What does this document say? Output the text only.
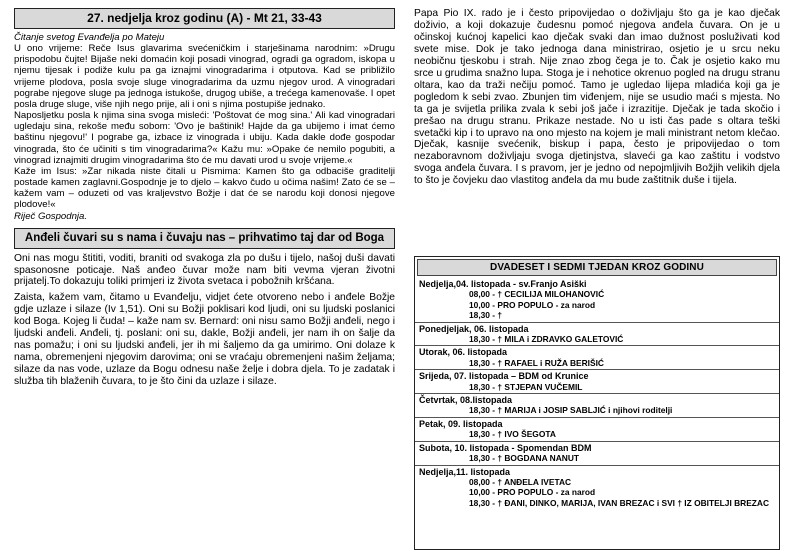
27. nedjelja kroz godinu (A) - Mt 21, 33-43

Čitanje svetog Evanđelja po Mateju

U ono vrijeme: Reče Isus glavarima svećeničkim i starješinama narodnim: »Drugu prispodobu čujte! Bijaše neki domaćin koji posadi vinograd, ogradi ga ogradom, iskopa u njemu tijesak i podiže kulu pa ga iznajmi vinogradarima i otputova. Kad se približilo vrijeme plodova, posla svoje sluge vinogradarima da uzmu njegov urod. A vinogradari pograbe njegove sluge pa jednoga istukoše, drugog ubiše, a trećega kamenovaše. I opet posla druge sluge, više njih nego prije, ali i oni s njima postupiše jednako.

Naposljetku posla k njima sina svoga misleći: 'Poštovat će mog sina.' Ali kad vinogradari ugledaju sina, rekoše među sobom: 'Ovo je baštinik! Hajde da ga ubijemo i imat ćemo baštinu njegovu!' I pograbe ga, izbace iz vinograda i ubiju. Kada dakle dođe gospodar vinograda, što će učiniti s tim vinogradarima?« Kažu mu: »Opake će nemilo pogubiti, a vinograd iznajmiti drugim vinogradarima što će mu davati urod u svoje vrijeme.«

Kaže im Isus: »Zar nikada niste čitali u Pismima: Kamen što ga odbaciše graditelji postade kamen zaglavni.Gospodnje je to djelo – kakvo čudo u očima našim! Zato će se – kažem vam – oduzeti od vas kraljevstvo Božje i dat će se narodu koji donosi njegove plodove!«

Riječ Gospodnja.

Anđeli čuvari su s nama i čuvaju nas – prihvatimo taj dar od Boga

Oni nas mogu štititi, voditi, braniti od svakoga zla po dušu i tijelo, našoj duši davati spasonosne poticaje. Naš anđeo čuvar može nam biti vevma vjeran životni prijatelj.To dokazuju toliki primjeri iz života svetaca i pobožnih kršćana.

Zaista, kažem vam, čitamo u Evanđelju, vidjet ćete otvoreno nebo i anđele Božje gdje uzlaze i silaze (Iv 1,51). Oni su Božji poklisari kod ljudi, oni su ljudski poslanici kod Boga. Kojeg li čuda! – kaže nam sv. Bernard: oni nisu samo Božji anđeli, nego i ljudski anđeli. Anđeli, tj. poslani: oni su, dakle, Božji anđeli, jer nam ih on šalje da nas pomažu; i oni su ljudski anđeli, jer ih mi šaljemo da ga umirimo. Oni dolaze k nama, obremenjeni njegovim darovima; oni se vraćaju obremenjeni našim željama; silaze da nas vode, uzlaze da Bogu odnesu naše želje i dobra djela. To je zadatak i služba tih blaženih čuvara, to je što čini da uzlaze i silaze.

Papa Pio IX. rado je i često pripovijedao o doživljaju što ga je kao dječak doživio, a koji dokazuje čudesnu pomoć njegova anđela čuvara. On je u očinskoj kućnoj kapelici kao dječak svaki dan imao dužnost posluživati kod svete mise. Dok je tako jednoga dana ministrirao, osjetio je u srcu neku neobičnu tjeskobu i strah. Nije znao zbog čega je to. Čak je osjetio kako mu srce u grudima snažno lupa. Stoga je i nehotice okrenuo pogled na drugu stranu oltara, kao da traži nečiju pomoć. Tamo je ugledao lijepa mladića koji ga je pogledom k sebi zvao. Zbunjen tim viđenjem, nije se usudio maći s mjesta. No ta ga je svijetla prilika zvala k sebi još jače i izrazitije. Dječak je tada skočio i prešao na drugu stranu. Prikaze nestade. No u isti čas pade s oltara teški svetački kip i to upravo na ono mjesto na kojem je mali ministrant netom klečao. Dječak, kasnije svećenik, biskup i papa, često je pripovijedao o tom nezaboravnom doživljaju svoga djetinjstva, slaveći ga kao zaštitu i vodstvo svoga anđela čuvara. I s pravom, jer je jedno od nepojmljivih Božjih velikih djela to što je čovjeku dao vlastitog anđela da mu bude zaštitnik duše i tijela.

DVADESET I SEDMI TJEDAN KROZ GODINU
Nedjelja,04. listopada - sv.Franjo Asiški
08,00 - † CECILIJA MILOHANOVIĆ
10,00 - PRO POPULO - za narod
18,30 - †
Ponedjeljak, 06. listopada
18,30 - † MILA i ZDRAVKO GALETOVIĆ
Utorak, 06. listopada
18,30 - † RAFAEL i RUŽA BERIŠIĆ
Srijeda, 07. listopada – BDM od Krunice
18,30 - † STJEPAN VUČEMIL
Četvrtak, 08.listopada
18,30 - † MARIJA i JOSIP SABLJIĆ i njihovi roditelji
Petak, 09. listopada
18,30 - † IVO ŠEGOTA
Subota, 10. listopada - Spomendan BDM
18,30 - † BOGDANA NANUT
Nedjelja,11. listopada
08,00 - † ANĐELA IVETAC
10,00 - PRO POPULO - za narod
18,30 - † ĐANI, DINKO, MARIJA, IVAN BREZAC i SVI † IZ OBITELJI BREZAC
